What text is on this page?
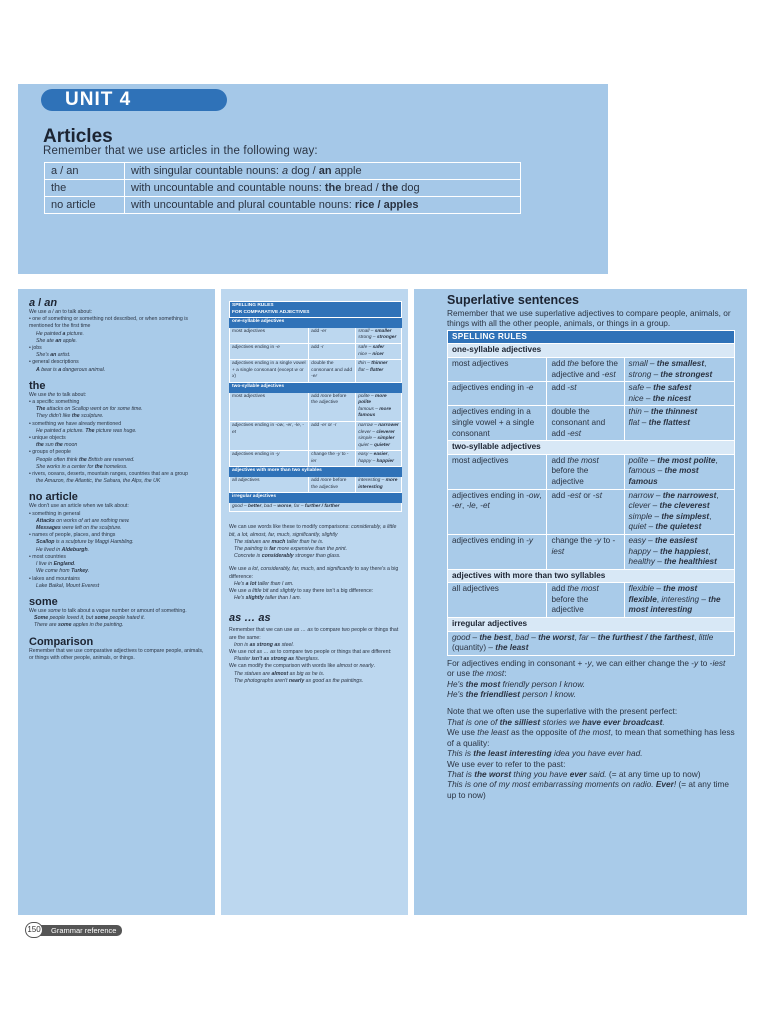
UNIT 4
Articles
Remember that we use articles in the following way:
a / an	with singular countable nouns: a dog / an apple
the	with uncountable and countable nouns: the bread / the dog
no article	with uncountable and plural countable nouns: rice / apples
a / an
We use a / an to talk about:
• one of something or something not described, or when something is mentioned for the first time
He painted a picture.
She ate an apple.
• jobs
She's an artist.
• general descriptions
A bear is a dangerous animal.
the
We use the to talk about:
• a specific something
The attacks on Scallop went on for some time.
They didn't like the sculpture.
• something we have already mentioned
He painted a picture. The picture was huge.
• unique objects
the sun the moon
• groups of people
People often think the British are reserved.
She works in a center for the homeless.
• rivers, oceans, deserts, mountain ranges, countries that are a group
the Amazon, the Atlantic, the Sahara, the Alps, the UK
no article
We don't use an article when we talk about:
• something in general
Attacks on works of art are nothing new.
Messages were left on the sculpture.
• names of people, places, and things
Scallop is a sculpture by Maggi Hambling.
He lived in Aldeburgh.
• most countries
I live in England.
We come from Turkey.
• lakes and mountains
Lake Baikal, Mount Everest
some
We use some to talk about a vague number or amount of something.
Some people loved it, but some people hated it.
There are some apples in the painting.
Comparison
Remember that we use comparative adjectives to compare people, animals, or things with other people, animals, or things.
SPELLING RULES
FOR COMPARATIVE ADJECTIVES		
one-syllable adjectives		
most adjectives	add -er	small – smaller
strong – stronger
adjectives ending in -e	add -r	safe – safer
nice – nicer
adjectives ending in a single vowel + a single consonant (except w or x)	double the consonant and add -er	thin – thinner
flat – flatter
two-syllable adjectives		
most adjectives	add more before the adjective	polite – more polite
famous – more famous
adjectives ending in -ow, -er, -le, -et	add -er or -r	narrow – narrower
clever – cleverer
simple – simpler
quiet – quieter
adjectives ending in -y	change the -y to -ier	easy – easier,
happy – happier
adjectives with more than two syllables		
all adjectives	add more before the adjective	interesting – more interesting
irregular adjectives		
good – better, bad – worse, far – further / farther		
We can use words like these to modify comparisons: considerably, a little bit, a lot, almost, far, much, significantly, slightly
The statues are much taller than he is.
The painting is far more expensive than the print.
Concrete is considerably stronger than glass.
We use a lot, considerably, far, much, and significantly to say there's a big difference:
He's a lot taller than I am.
We use a little bit and slightly to say there isn't a big difference:
He's slightly taller than I am.
as … as
Remember that we can use as … as to compare two people or things that are the same:
Iron is as strong as steel.
We use not as … as to compare two people or things that are different:
Plaster isn't as strong as fiberglass.
We can modify the comparison with words like almost or nearly.
The statues are almost as big as he is.
The photographs aren't nearly as good as the paintings.
Superlative sentences
Remember that we use superlative adjectives to compare people, animals, or things with all the other people, animals, or things in a group.
SPELLING RULES		
one-syllable adjectives		
most adjectives	add the before the adjective and -est	small – the smallest, strong – the strongest
adjectives ending in -e	add -st	safe – the safest
nice – the nicest
adjectives ending in a single vowel + a single consonant	double the consonant and add -est	thin – the thinnest
flat – the flattest
two-syllable adjectives		
most adjectives	add the most before the adjective	polite – the most polite, famous – the most famous
adjectives ending in -ow, -er, -le, -et	add -est or -st	narrow – the narrowest, clever – the cleverest
simple – the simplest, quiet – the quietest
adjectives ending in -y	change the -y to -iest	easy – the easiest
happy – the happiest, healthy – the healthiest
adjectives with more than two syllables		
all adjectives	add the most before the adjective	flexible – the most flexible, interesting – the most interesting
irregular adjectives		
good – the best, bad – the worst, far – the furthest / the farthest, little (quantity) – the least		
For adjectives ending in consonant + -y, we can either change the -y to -iest or use the most:
He's the most friendly person I know.
He's the friendliest person I know.
Note that we often use the superlative with the present perfect:
That is one of the silliest stories we have ever broadcast.
We use the least as the opposite of the most, to mean that something has less of a quality:
This is the least interesting idea you have ever had.
We use ever to refer to the past:
That is the worst thing you have ever said. (= at any time up to now)
This is one of my most embarrassing moments on radio. Ever! (= at any time up to now)
Grammar reference
150
